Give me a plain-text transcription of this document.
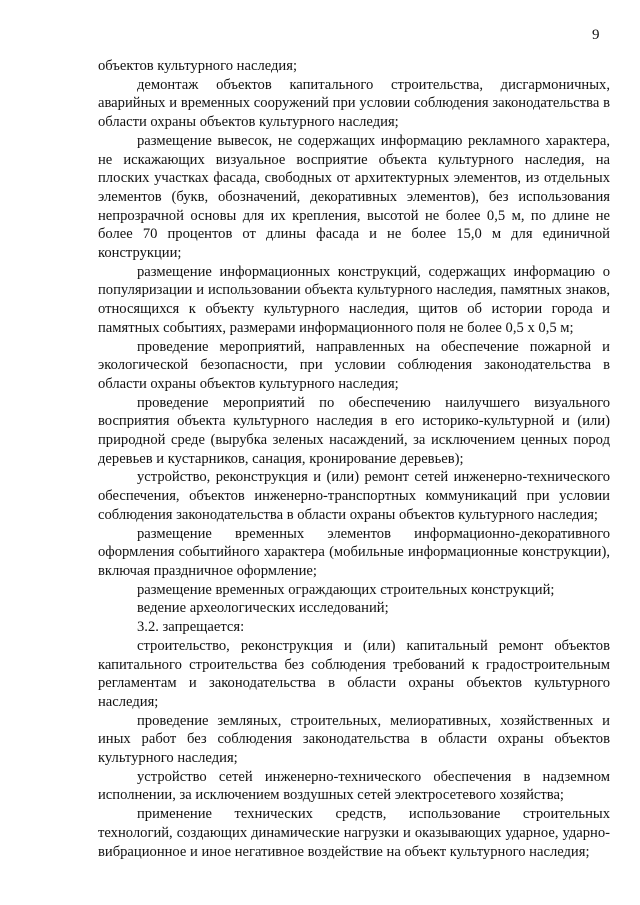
9

объектов культурного наследия;

демонтаж объектов капитального строительства, дисгармоничных, аварийных и временных сооружений при условии соблюдения законодательства в области охраны объектов культурного наследия;

размещение вывесок, не содержащих информацию рекламного характера, не искажающих визуальное восприятие объекта культурного наследия, на плоских участках фасада, свободных от архитектурных элементов, из отдельных элементов (букв, обозначений, декоративных элементов), без использования непрозрачной основы для их крепления, высотой не более 0,5 м, по длине не более 70 процентов от длины фасада и не более 15,0 м для единичной конструкции;

размещение информационных конструкций, содержащих информацию о популяризации и использовании объекта культурного наследия, памятных знаков, относящихся к объекту культурного наследия, щитов об истории города и памятных событиях, размерами информационного поля не более 0,5 х 0,5 м;

проведение мероприятий, направленных на обеспечение пожарной и экологической безопасности, при условии соблюдения законодательства в области охраны объектов культурного наследия;

проведение мероприятий по обеспечению наилучшего визуального восприятия объекта культурного наследия в его историко-культурной и (или) природной среде (вырубка зеленых насаждений, за исключением ценных пород деревьев и кустарников, санация, кронирование деревьев);

устройство, реконструкция и (или) ремонт сетей инженерно-технического обеспечения, объектов инженерно-транспортных коммуникаций при условии соблюдения законодательства в области охраны объектов культурного наследия;

размещение временных элементов информационно-декоративного оформления событийного характера (мобильные информационные конструкции), включая праздничное оформление;

размещение временных ограждающих строительных конструкций;

ведение археологических исследований;

3.2. запрещается:

строительство, реконструкция и (или) капитальный ремонт объектов капитального строительства без соблюдения требований к градостроительным регламентам и законодательства в области охраны объектов культурного наследия;

проведение земляных, строительных, мелиоративных, хозяйственных и иных работ без соблюдения законодательства в области охраны объектов культурного наследия;

устройство сетей инженерно-технического обеспечения в надземном исполнении, за исключением воздушных сетей электросетевого хозяйства;

применение технических средств, использование строительных технологий, создающих динамические нагрузки и оказывающих ударное, ударно-вибрационное и иное негативное воздействие на объект культурного наследия;
